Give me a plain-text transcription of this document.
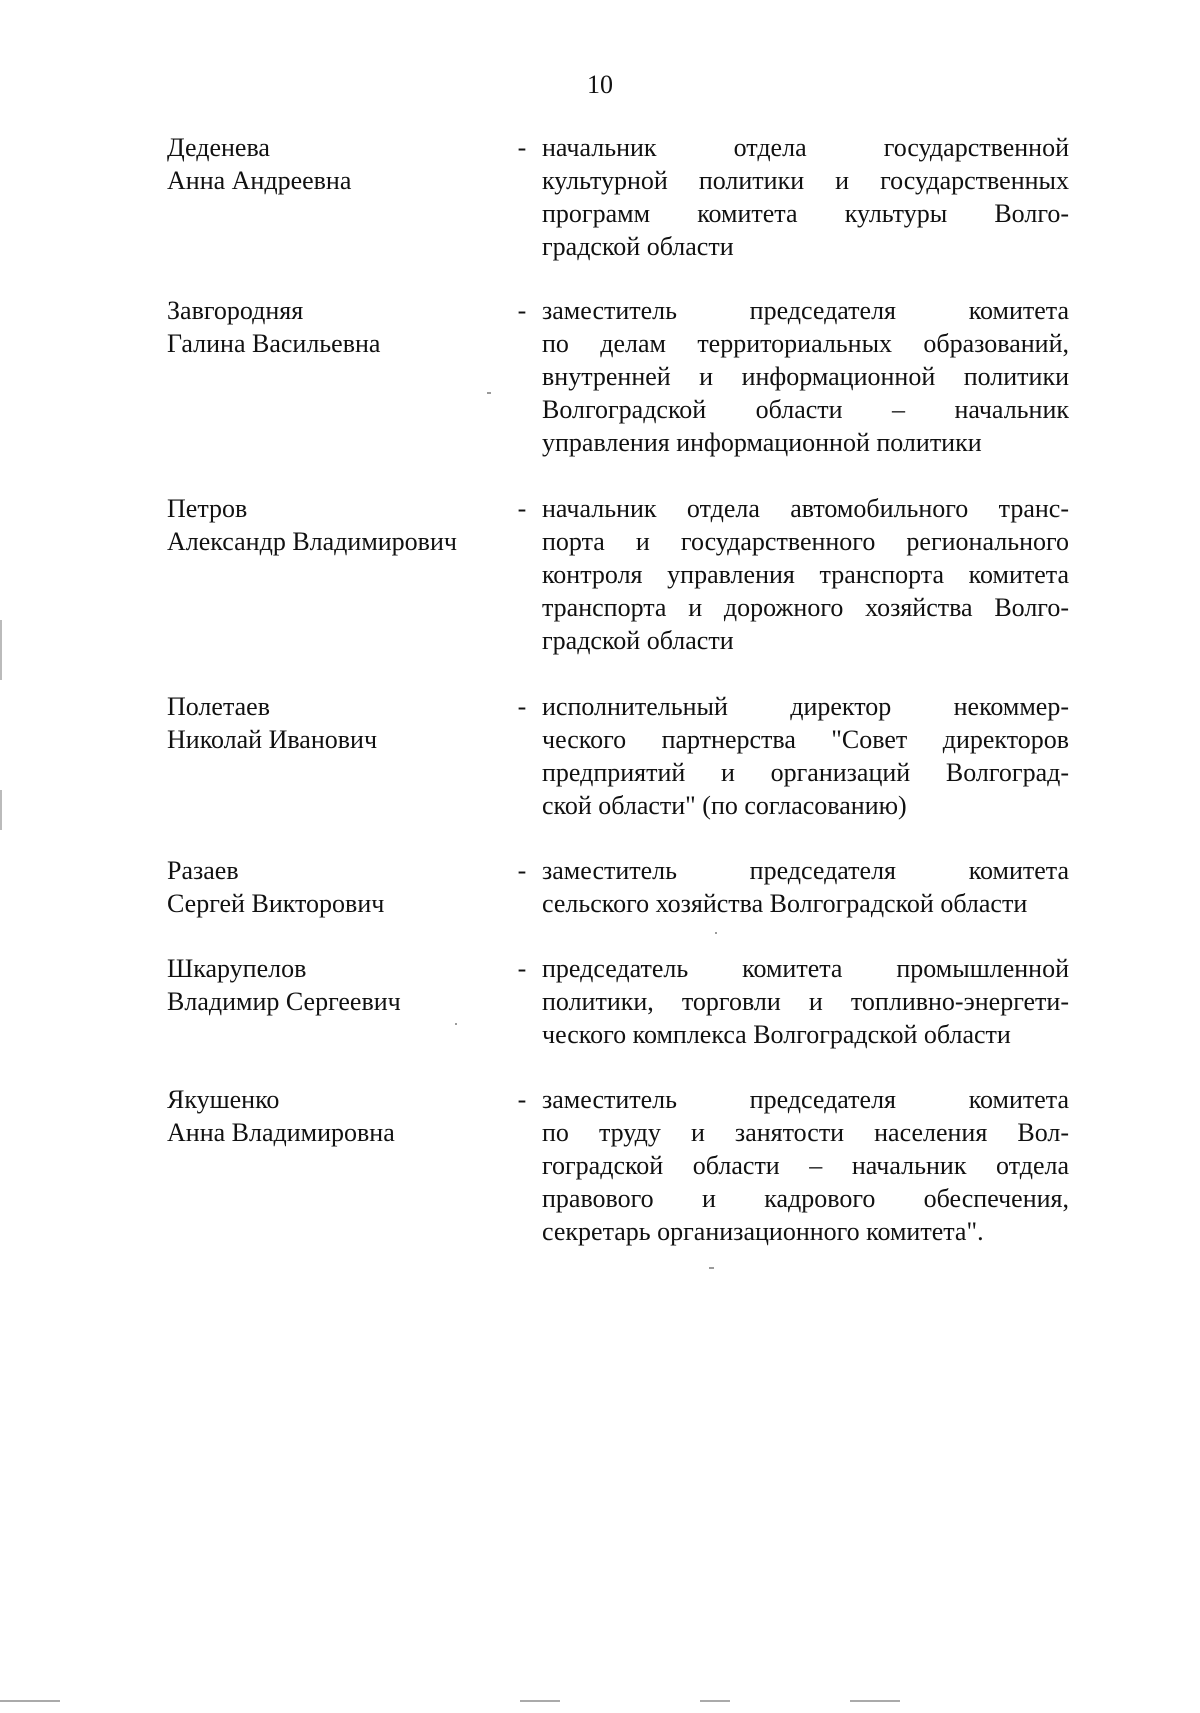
10
Деденева
Анна Андреевна
- начальник отдела государственной
культурной политики и государственных
программ комитета культуры Волго-
градской области
Завгородняя
Галина Васильевна
- заместитель председателя комитета
по делам территориальных образований,
внутренней и информационной политики
Волгоградской области – начальник
управления информационной политики
Петров
Александр Владимирович
- начальник отдела автомобильного транс-
порта и государственного регионального
контроля управления транспорта комитета
транспорта и дорожного хозяйства Волго-
градской области
Полетаев
Николай Иванович
- исполнительный директор некоммер-
ческого партнерства "Совет директоров
предприятий и организаций Волгоград-
ской области" (по согласованию)
Разаев
Сергей Викторович
- заместитель председателя комитета
сельского хозяйства Волгоградской области
Шкарупелов
Владимир Сергеевич
- председатель комитета промышленной
политики, торговли и топливно-энергети-
ческого комплекса Волгоградской области
Якушенко
Анна Владимировна
- заместитель председателя комитета
по труду и занятости населения Вол-
гоградской области – начальник отдела
правового и кадрового обеспечения,
секретарь организационного комитета".
